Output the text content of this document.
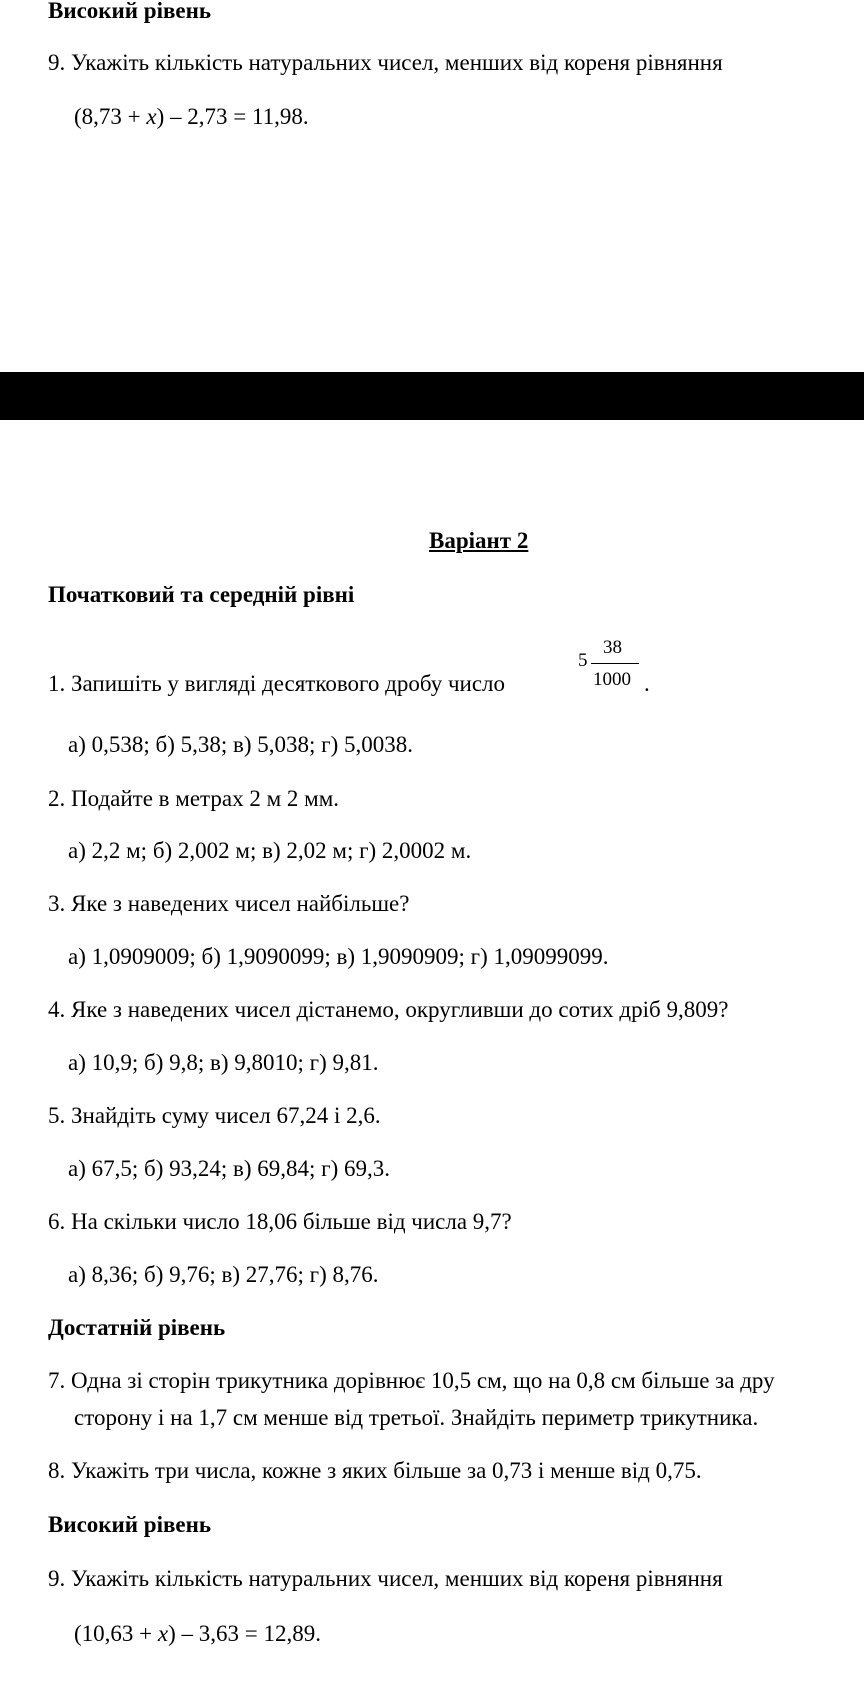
Високий рівень
9. Укажіть кількість натуральних чисел, менших від кореня рівняння
(8,73 + x) – 2,73 = 11,98.
Варіант 2
Початковий та середній рівні
1. Запишіть у вигляді десяткового дробу число
5
38
1000 .
а) 0,538; б) 5,38; в) 5,038; г) 5,0038.
2. Подайте в метрах 2 м 2 мм.
а) 2,2 м; б) 2,002 м; в) 2,02 м; г) 2,0002 м.
3. Яке з наведених чисел найбільше?
а) 1,0909009; б) 1,9090099; в) 1,9090909; г) 1,09099099.
4. Яке з наведених чисел дістанемо, округливши до сотих дріб 9,809?
а) 10,9; б) 9,8; в) 9,8010; г) 9,81.
5. Знайдіть суму чисел 67,24 і 2,6.
а) 67,5; б) 93,24; в) 69,84; г) 69,3.
6. На скільки число 18,06 більше від числа 9,7?
а) 8,36; б) 9,76; в) 27,76; г) 8,76.
Достатній рівень
7. Одна зі сторін трикутника дорівнює 10,5 см, що на 0,8 см більше за дру
сторону і на 1,7 см менше від третьої. Знайдіть периметр трикутника.
8. Укажіть три числа, кожне з яких більше за 0,73 і менше від 0,75.
Високий рівень
9. Укажіть кількість натуральних чисел, менших від кореня рівняння
(10,63 + x) – 3,63 = 12,89.
